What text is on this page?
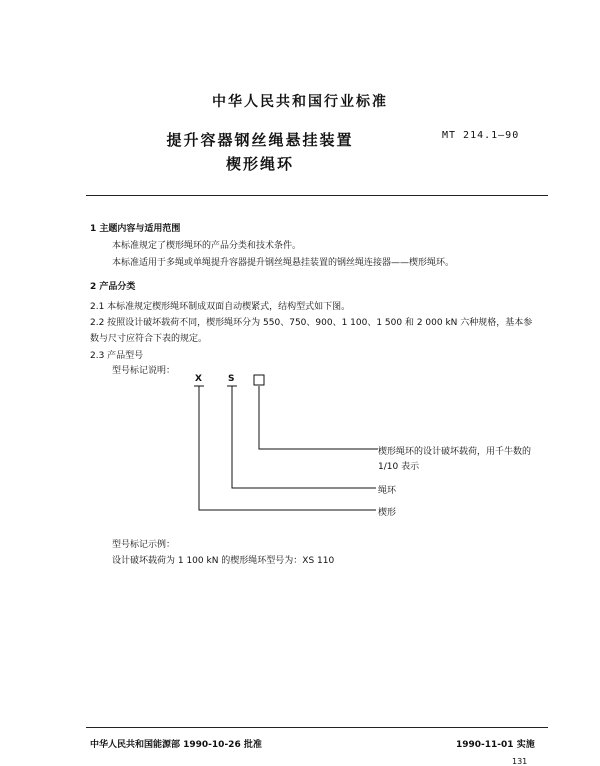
中华人民共和国行业标准
提升容器钢丝绳悬挂装置
楔形绳环
MT 214.1—90
1 主题内容与适用范围
本标准规定了楔形绳环的产品分类和技术条件。
本标准适用于多绳或单绳提升容器提升钢丝绳悬挂装置的钢丝绳连接器——楔形绳环。
2 产品分类
2.1 本标准规定楔形绳环制成双面自动楔紧式，结构型式如下图。
2.2 按照设计破坏载荷不同，楔形绳环分为 550、750、900、1 100、1 500 和 2 000 kN 六种规格，基本参
数与尺寸应符合下表的规定。
2.3 产品型号
型号标记说明：
X	S
楔形绳环的设计破坏载荷，用千牛数的
1/10 表示
绳环
楔形
型号标记示例：
设计破坏载荷为 1 100 kN 的楔形绳环型号为：XS 110
中华人民共和国能源部 1990-10-26 批准	1990-11-01 实施
131
